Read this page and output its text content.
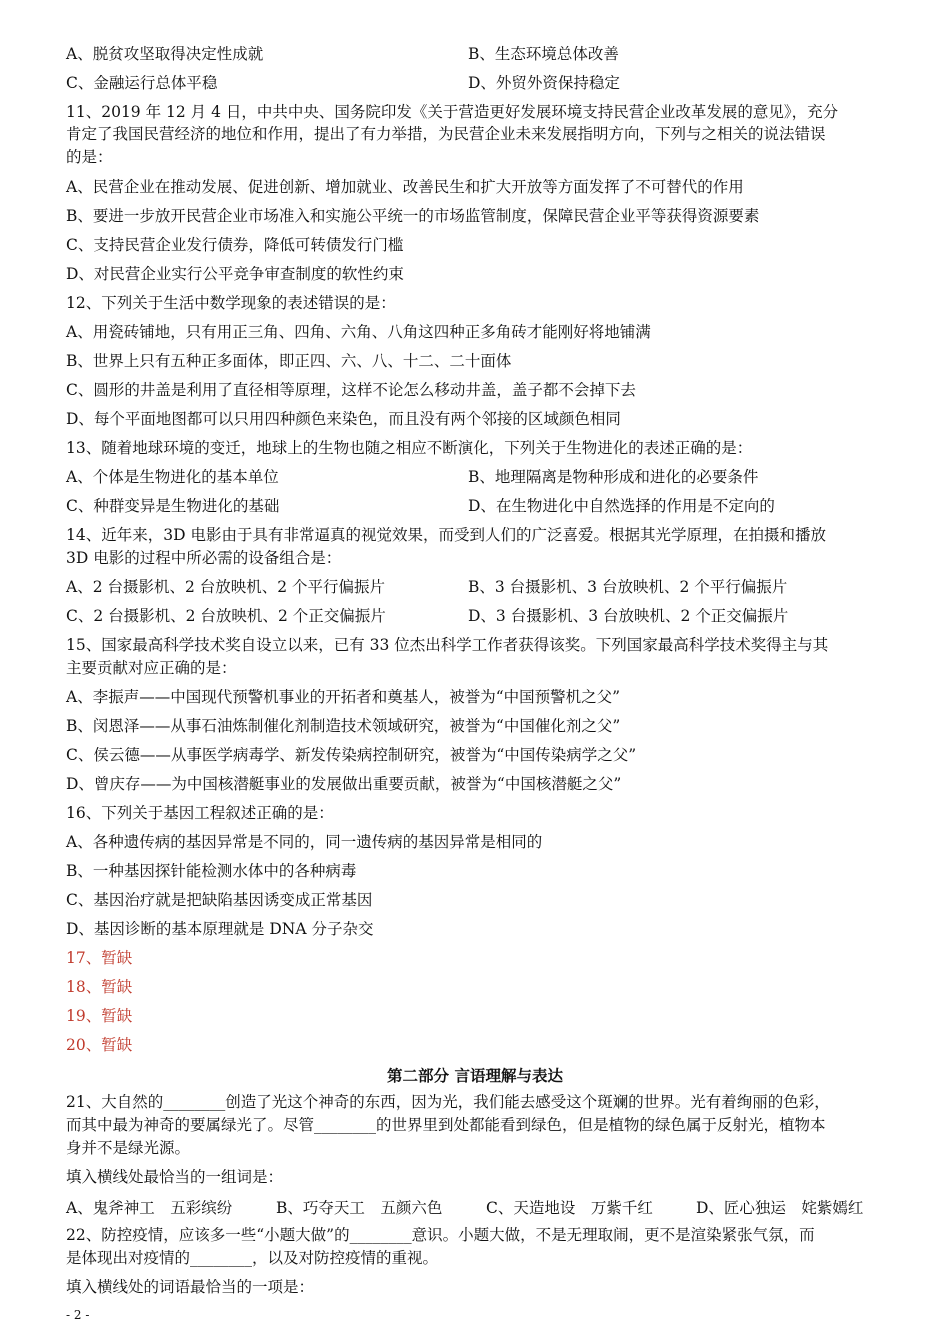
A、脱贫攻坚取得决定性成就	B、生态环境总体改善
C、金融运行总体平稳	D、外贸外资保持稳定
11、2019 年 12 月 4 日，中共中央、国务院印发《关于营造更好发展环境支持民营企业改革发展的意见》，充分
肯定了我国民营经济的地位和作用，提出了有力举措，为民营企业未来发展指明方向，下列与之相关的说法错误
的是：
A、民营企业在推动发展、促进创新、增加就业、改善民生和扩大开放等方面发挥了不可替代的作用
B、要进一步放开民营企业市场准入和实施公平统一的市场监管制度，保障民营企业平等获得资源要素
C、支持民营企业发行债券，降低可转债发行门槛
D、对民营企业实行公平竞争审查制度的软性约束
12、下列关于生活中数学现象的表述错误的是：
A、用瓷砖铺地，只有用正三角、四角、六角、八角这四种正多角砖才能刚好将地铺满
B、世界上只有五种正多面体，即正四、六、八、十二、二十面体
C、圆形的井盖是利用了直径相等原理，这样不论怎么移动井盖，盖子都不会掉下去
D、每个平面地图都可以只用四种颜色来染色，而且没有两个邻接的区域颜色相同
13、随着地球环境的变迁，地球上的生物也随之相应不断演化，下列关于生物进化的表述正确的是：
A、个体是生物进化的基本单位	B、地理隔离是物种形成和进化的必要条件
C、种群变异是生物进化的基础	D、在生物进化中自然选择的作用是不定向的
14、近年来，3D 电影由于具有非常逼真的视觉效果，而受到人们的广泛喜爱。根据其光学原理，在拍摄和播放
3D 电影的过程中所必需的设备组合是：
A、2 台摄影机、2 台放映机、2 个平行偏振片	B、3 台摄影机、3 台放映机、2 个平行偏振片
C、2 台摄影机、2 台放映机、2 个正交偏振片	D、3 台摄影机、3 台放映机、2 个正交偏振片
15、国家最高科学技术奖自设立以来，已有 33 位杰出科学工作者获得该奖。下列国家最高科学技术奖得主与其
主要贡献对应正确的是：
A、李振声——中国现代预警机事业的开拓者和奠基人，被誉为“中国预警机之父”
B、闵恩泽——从事石油炼制催化剂制造技术领域研究，被誉为“中国催化剂之父”
C、侯云德——从事医学病毒学、新发传染病控制研究，被誉为“中国传染病学之父”
D、曾庆存——为中国核潜艇事业的发展做出重要贡献，被誉为“中国核潜艇之父”
16、下列关于基因工程叙述正确的是：
A、各种遗传病的基因异常是不同的，同一遗传病的基因异常是相同的
B、一种基因探针能检测水体中的各种病毒
C、基因治疗就是把缺陷基因诱变成正常基因
D、基因诊断的基本原理就是 DNA 分子杂交
17、暂缺
18、暂缺
19、暂缺
20、暂缺
第二部分 言语理解与表达
21、大自然的________创造了光这个神奇的东西，因为光，我们能去感受这个斑斓的世界。光有着绚丽的色彩，
而其中最为神奇的要属绿光了。尽管________的世界里到处都能看到绿色，但是植物的绿色属于反射光，植物本
身并不是绿光源。
填入横线处最恰当的一组词是：
A、鬼斧神工　五彩缤纷	B、巧夺天工　五颜六色	C、天造地设　万紫千红	D、匠心独运　姹紫嫣红
22、防控疫情，应该多一些“小题大做”的________意识。小题大做，不是无理取闹，更不是渲染紧张气氛，而
是体现出对疫情的________，以及对防控疫情的重视。
填入横线处的词语最恰当的一项是：
- 2 -
